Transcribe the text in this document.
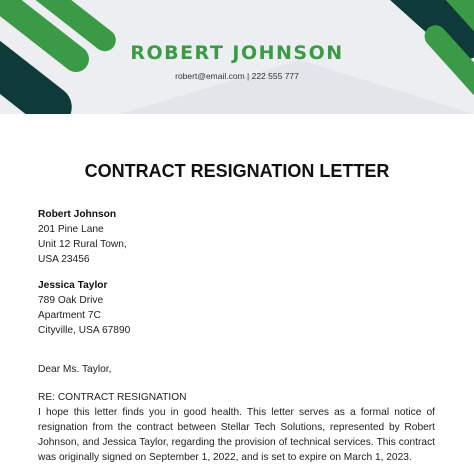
ROBERT JOHNSON
robert@email.com | 222 555 777
CONTRACT RESIGNATION LETTER
Robert Johnson
201 Pine Lane
Unit 12 Rural Town,
USA 23456
Jessica Taylor
789 Oak Drive
Apartment 7C
Cityville, USA 67890
Dear Ms. Taylor,
RE: CONTRACT RESIGNATION
I hope this letter finds you in good health. This letter serves as a formal notice of resignation from the contract between Stellar Tech Solutions, represented by Robert Johnson, and Jessica Taylor, regarding the provision of technical services. This contract was originally signed on September 1, 2022, and is set to expire on March 1, 2023.
